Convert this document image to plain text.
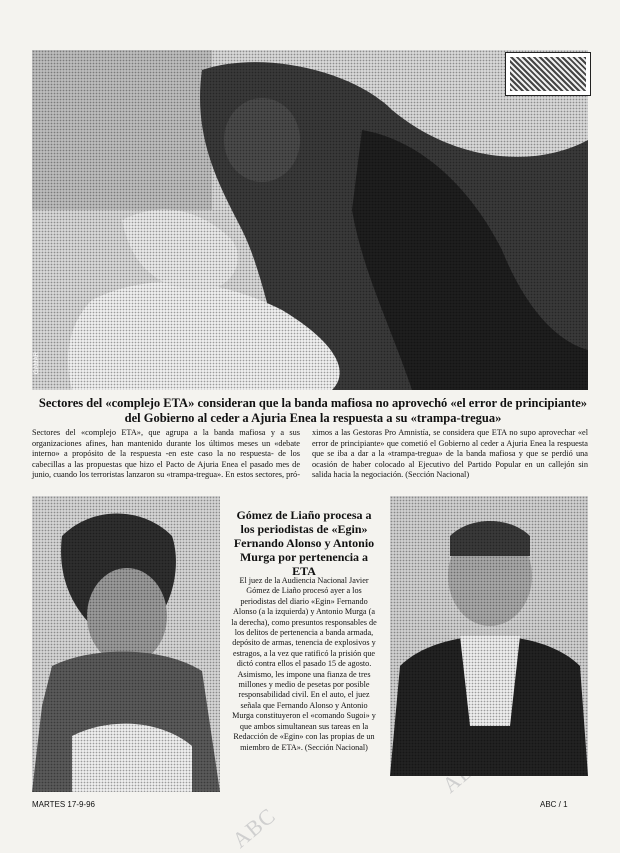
ABC
GAMAR
Sectores del «complejo ETA» consideran que la banda mafiosa no aprovechó «el error de principiante» del Gobierno al ceder a Ajuria Enea la respuesta a su «trampa-tregua»
Sectores del «complejo ETA», que agrupa a la banda mafiosa y a sus organizaciones afines, han mantenido durante los últimos meses un «debate interno» a propósito de la respuesta -en este caso la no respuesta- de los cabecillas a las propuestas que hizo el Pacto de Ajuria Enea el pasado mes de junio, cuando los terroristas lanzaron su «trampa-tregua». En estos sectores, pró-
ximos a las Gestoras Pro Amnistía, se considera que ETA no supo aprovechar «el error de principiante» que cometió el Gobierno al ceder a Ajuria Enea la respuesta que se iba a dar a la «trampa-tregua» de la banda mafiosa y que se perdió una ocasión de haber colocado al Ejecutivo del Partido Popular en un callejón sin salida hacia la negociación. (Sección Nacional)
Gómez de Liaño procesa a los periodistas de «Egin» Fernando Alonso y Antonio Murga por pertenencia a ETA
El juez de la Audiencia Nacional Javier Gómez de Liaño procesó ayer a los periodistas del diario «Egin» Fernando Alonso (a la izquierda) y Antonio Murga (a la derecha), como presuntos responsables de los delitos de pertenencia a banda armada, depósito de armas, tenencia de explosivos y estragos, a la vez que ratificó la prisión que dictó contra ellos el pasado 15 de agosto. Asimismo, les impone una fianza de tres millones y medio de pesetas por posible responsabilidad civil. En el auto, el juez señala que Fernando Alonso y Antonio Murga constituyeron el «comando Sugoi» y que ambos simultanean sus tareas en la Redacción de «Egin» con las propias de un miembro de ETA». (Sección Nacional)
MARTES 17-9-96	ABC / 1
